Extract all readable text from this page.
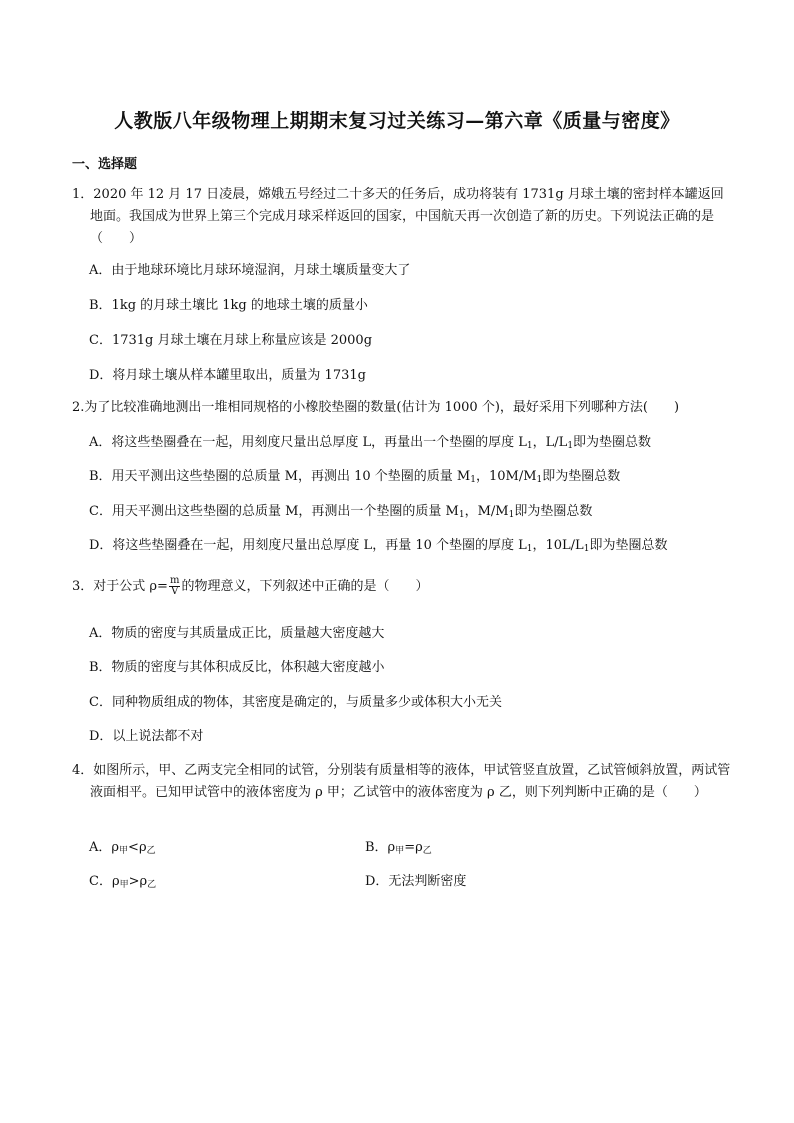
人教版八年级物理上期期末复习过关练习—第六章《质量与密度》
一、选择题
1．2020 年 12 月 17 日凌晨，嫦娥五号经过二十多天的任务后，成功将装有 1731g 月球土壤的密封样本罐返回地面。我国成为世界上第三个完成月球采样返回的国家，中国航天再一次创造了新的历史。下列说法正确的是（　　）
A．由于地球环境比月球环境湿润，月球土壤质量变大了
B．1kg 的月球土壤比 1kg 的地球土壤的质量小
C．1731g 月球土壤在月球上称量应该是 2000g
D．将月球土壤从样本罐里取出，质量为 1731g
2.为了比较准确地测出一堆相同规格的小橡胶垫圈的数量(估计为 1000 个)，最好采用下列哪种方法(　　)
A．将这些垫圈叠在一起，用刻度尺量出总厚度 L，再量出一个垫圈的厚度 $L_1$，$L/L_1$即为垫圈总数
B．用天平测出这些垫圈的总质量 M，再测出 10 个垫圈的质量 $M_1$，$10M/M_1$即为垫圈总数
C．用天平测出这些垫圈的总质量 M，再测出一个垫圈的质量 $M_1$，$M/M_1$即为垫圈总数
D．将这些垫圈叠在一起，用刻度尺量出总厚度 L，再量 10 个垫圈的厚度 $L_1$，$10L/L_1$即为垫圈总数
3．对于公式 $\rho= \frac{m}{V}$ 的物理意义，下列叙述中正确的是（　　）
A．物质的密度与其质量成正比，质量越大密度越大
B．物质的密度与其体积成反比，体积越大密度越小
C．同种物质组成的物体，其密度是确定的，与质量多少或体积大小无关
D．以上说法都不对
4．如图所示，甲、乙两支完全相同的试管，分别装有质量相等的液体，甲试管竖直放置，乙试管倾斜放置，两试管液面相平。已知甲试管中的液体密度为 ρ 甲；乙试管中的液体密度为 ρ 乙，则下列判断中正确的是（　　）
A．ρ甲<ρ乙	B．ρ甲=ρ乙
C．ρ甲>ρ乙	D．无法判断密度
